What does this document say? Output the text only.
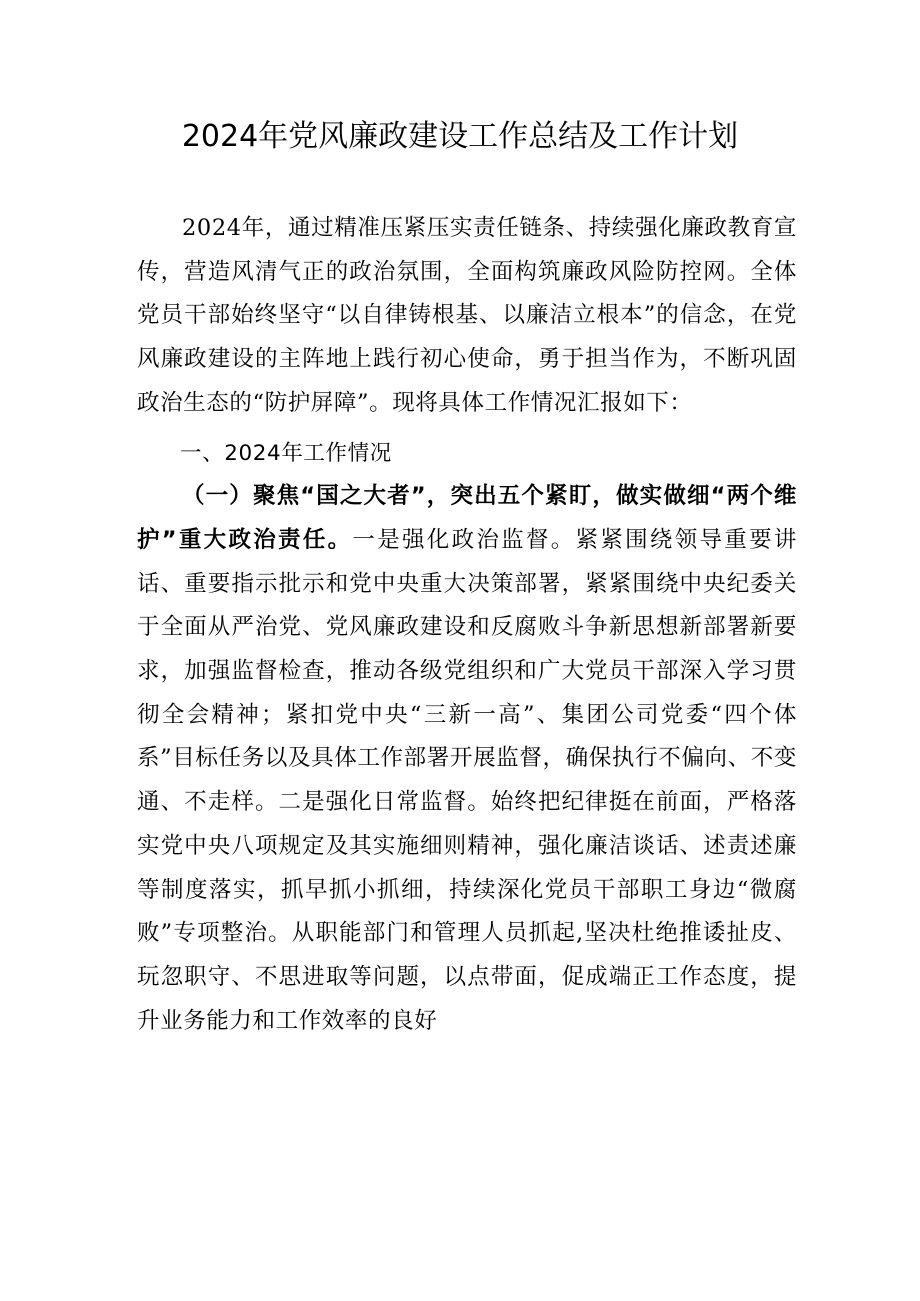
2024年党风廉政建设工作总结及工作计划

2024年，通过精准压紧压实责任链条、持续强化廉政教育宣传，营造风清气正的政治氛围，全面构筑廉政风险防控网。全体党员干部始终坚守“以自律铸根基、以廉洁立根本”的信念，在党风廉政建设的主阵地上践行初心使命，勇于担当作为，不断巩固政治生态的“防护屏障”。现将具体工作情况汇报如下：

一、2024年工作情况

（一）聚焦“国之大者”，突出五个紧盯，做实做细“两个维护”重大政治责任。一是强化政治监督。紧紧围绕领导重要讲话、重要指示批示和党中央重大决策部署，紧紧围绕中央纪委关于全面从严治党、党风廉政建设和反腐败斗争新思想新部署新要求，加强监督检查，推动各级党组织和广大党员干部深入学习贯彻全会精神；紧扣党中央“三新一高”、集团公司党委“四个体系”目标任务以及具体工作部署开展监督，确保执行不偏向、不变通、不走样。二是强化日常监督。始终把纪律挺在前面，严格落实党中央八项规定及其实施细则精神，强化廉洁谈话、述责述廉等制度落实，抓早抓小抓细，持续深化党员干部职工身边“微腐败”专项整治。从职能部门和管理人员抓起,坚决杜绝推诿扯皮、玩忽职守、不思进取等问题，以点带面，促成端正工作态度，提升业务能力和工作效率的良好
